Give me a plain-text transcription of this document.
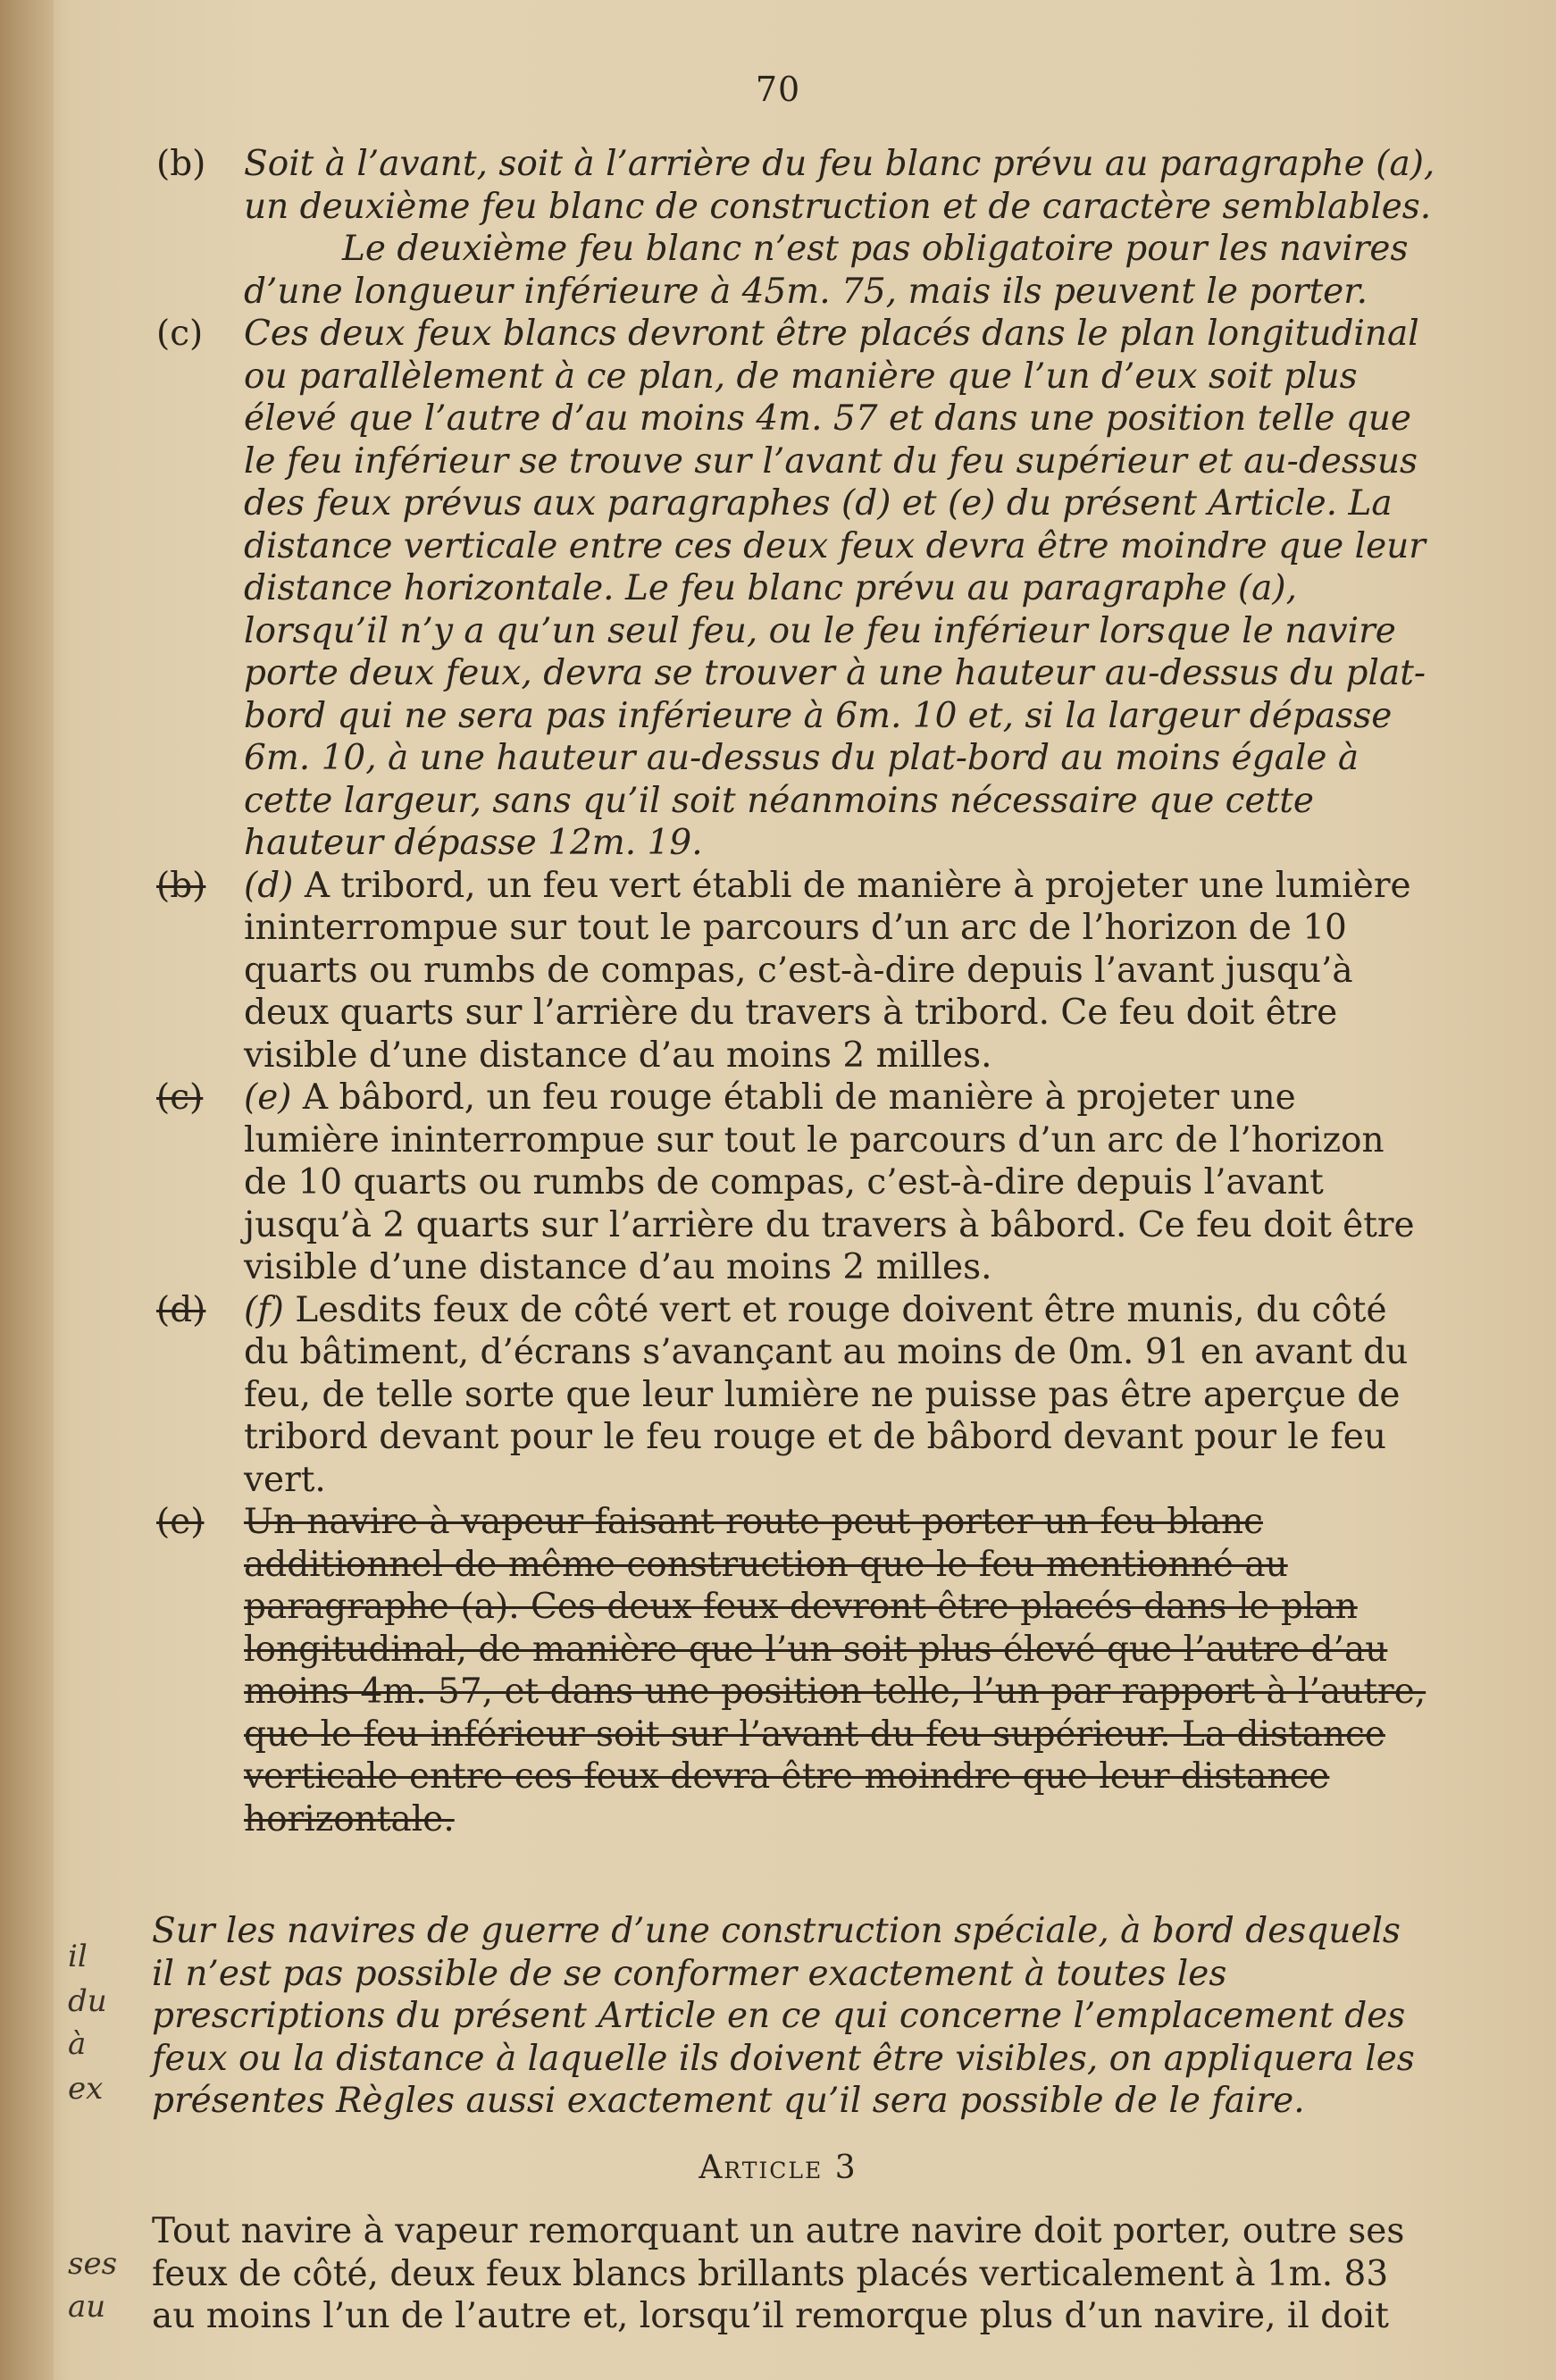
70
(b) Soit à l’avant, soit à l’arrière du feu blanc prévu au paragraphe (a), un deuxième feu blanc de construction et de caractère semblables.
Le deuxième feu blanc n’est pas obligatoire pour les navires d’une longueur inférieure à 45m. 75, mais ils peuvent le porter.
(c) Ces deux feux blancs devront être placés dans le plan longitudinal ou parallèlement à ce plan, de manière que l’un d’eux soit plus élevé que l’autre d’au moins 4m. 57 et dans une position telle que le feu inférieur se trouve sur l’avant du feu supérieur et au-dessus des feux prévus aux paragraphes (d) et (e) du présent Article. La distance verticale entre ces deux feux devra être moindre que leur distance horizontale. Le feu blanc prévu au paragraphe (a), lorsqu’il n’y a qu’un seul feu, ou le feu inférieur lorsque le navire porte deux feux, devra se trouver à une hauteur au-dessus du plat-bord qui ne sera pas inférieure à 6m. 10 et, si la largeur dépasse 6m. 10, à une hauteur au-dessus du plat-bord au moins égale à cette largeur, sans qu’il soit néanmoins nécessaire que cette hauteur dépasse 12m. 19.
(b) (d) A tribord, un feu vert établi de manière à projeter une lumière ininterrompue sur tout le parcours d’un arc de l’horizon de 10 quarts ou rumbs de compas, c’est-à-dire depuis l’avant jusqu’à deux quarts sur l’arrière du travers à tribord. Ce feu doit être visible d’une distance d’au moins 2 milles.
(c) (e) A bâbord, un feu rouge établi de manière à projeter une lumière ininterrompue sur tout le parcours d’un arc de l’horizon de 10 quarts ou rumbs de compas, c’est-à-dire depuis l’avant jusqu’à 2 quarts sur l’arrière du travers à bâbord. Ce feu doit être visible d’une distance d’au moins 2 milles.
(d) (f) Lesdits feux de côté vert et rouge doivent être munis, du côté du bâtiment, d’écrans s’avançant au moins de 0m. 91 en avant du feu, de telle sorte que leur lumière ne puisse pas être aperçue de tribord devant pour le feu rouge et de bâbord devant pour le feu vert.
(e) Un navire à vapeur faisant route peut porter un feu blanc additionnel de même construction que le feu mentionné au paragraphe (a). Ces deux feux devront être placés dans le plan longitudinal, de manière que l’un soit plus élevé que l’autre d’au moins 4m. 57, et dans une position telle, l’un par rapport à l’autre, que le feu inférieur soit sur l’avant du feu supérieur. La distance verticale entre ces feux devra être moindre que leur distance horizontale.
il
du
à
ex
Sur les navires de guerre d’une construction spéciale, à bord desquels il n’est pas possible de se conformer exactement à toutes les prescriptions du présent Article en ce qui concerne l’emplacement des feux ou la distance à laquelle ils doivent être visibles, on appliquera les présentes Règles aussi exactement qu’il sera possible de le faire.
Article 3
ses
au
Tout navire à vapeur remorquant un autre navire doit porter, outre ses feux de côté, deux feux blancs brillants placés verticalement à 1m. 83 au moins l’un de l’autre et, lorsqu’il remorque plus d’un navire, il doit
